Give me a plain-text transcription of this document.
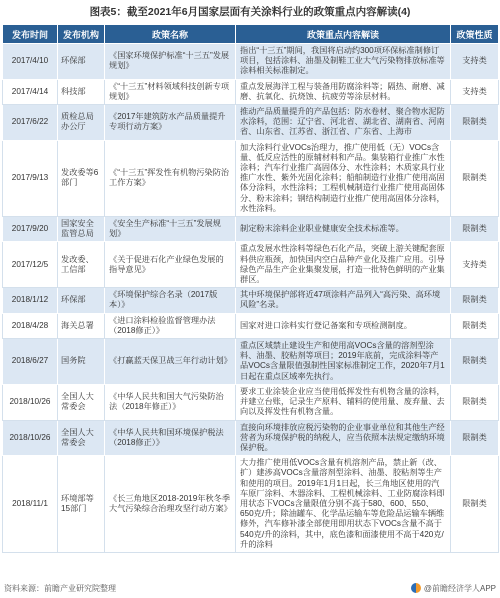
图表5：截至2021年6月国家层面有关涂料行业的政策重点内容解读(4)
发布时间	发布机构	政策名称	政策重点内容解读	政策性质
2017/4/10	环保部	《国家环境保护标准“十三五”发展规划》	指出“十三五”期间，我国将启动约300项环保标准制修订项目，包括涂料、油墨及制鞋工业大气污染物排放标准等涂料相关标准制定。	支持类
2017/4/14	科技部	《“十三五”材料领域科技创新专项规划》	重点发展海洋工程与装备用防腐涂料等；隔热、耐磨、减磨、抗氧化、抗烧蚀、抗疲劳等涂层材料。	支持类
2017/6/22	质检总局办公厅	《2017年建筑防水产品质量提升专项行动方案》	推动产品质量提升的产品包括：防水卷材、聚合物水泥防水涂料，范围：辽宁省、河北省、湖北省、湖南省、河南省、山东省、江苏省、浙江省、广东省、上海市	限制类
2017/9/13	发改委等6部门	《“十三五”挥发性有机物污染防治工作方案》	加大涂料行业VOCs治理力，推广使用低（无）VOCs含量、低反应活性的原辅材料和产品。集装箱行业推广水性涂料；汽车行业推广高固体分、水性涂料；木质家具行业推广水性、紫外光固化涂料；船舶制造行业推广使用高固体分涂料，水性涂料；工程机械制造行业推广使用高固体分、粉末涂料；钢结构制造行业推广使用高固体分涂料，水性涂料。	限制类
2017/9/20	国家安全监管总局	《安全生产标准“十三五”发展规划》	制定粉末涂料企业职业健康安全技术标准等。	限制类
2017/12/5	发改委、工信部	《关于促进石化产业绿色发展的指导意见》	重点发展水性涂料等绿色石化产品，突破上游关键配套原料供应瓶颈，加快国内空白品种产业化及推广应用。引导绿色产品生产企业集聚发展，打造一批特色鲜明的产业集群区。	支持类
2018/1/12	环保部	《环境保护综合名录（2017版本）》	其中环境保护部将近47项涂料产品列入“高污染、高环境风险”名录。	限制类
2018/4/28	海关总署	《进口涂料检验监督管理办法（2018修正）》	国家对进口涂料实行登记备案和专项检测制度。	限制类
2018/6/27	国务院	《打赢蓝天保卫战三年行动计划》	重点区域禁止建设生产和使用高VOCs含量的溶剂型涂料、油墨、胶粘剂等项目；2019年底前，完成涂料等产品VOCs含量限值强制性国家标准制定工作，2020年7月1日起在重点区域率先执行。	限制类
2018/10/26	全国人大常委会	《中华人民共和国大气污染防治法（2018年修正）》	要求工业涂装企业应当使用低挥发性有机物含量的涂料，并建立台账，记录生产原料、辅料的使用量、废弃量、去向以及挥发性有机物含量。	限制类
2018/10/26	全国人大常委会	《中华人民共和国环境保护税法（2018修正）》	直接向环境排放应税污染物的企业事业单位和其他生产经营者为环境保护税的纳税人，应当依照本法规定缴纳环境保护税。	限制类
2018/11/1	环境部等15部门	《长三角地区2018-2019年秋冬季大气污染综合治理攻坚行动方案》	大力推广使用低VOCs含量有机溶剂产品，禁止新（改、扩）建涉高VOCs含量溶剂型涂料、油墨、胶粘剂等生产和使用的项目。2019年1月1日起，长三角地区使用的汽车原厂涂料、木器涂料、工程机械涂料、工业防腐涂料即用状态下VOCs含量限值分别不高于580、600、550、650克/升；除油罐车、化学品运输车等危险品运输车辆维修外，汽车修补漆全部使用即用状态下VOCs含量不高于540克/升的涂料，其中，底色漆和面漆使用不高于420克/升的涂料	限制类
资料来源：前瞻产业研究院整理	@前瞻经济学人APP
